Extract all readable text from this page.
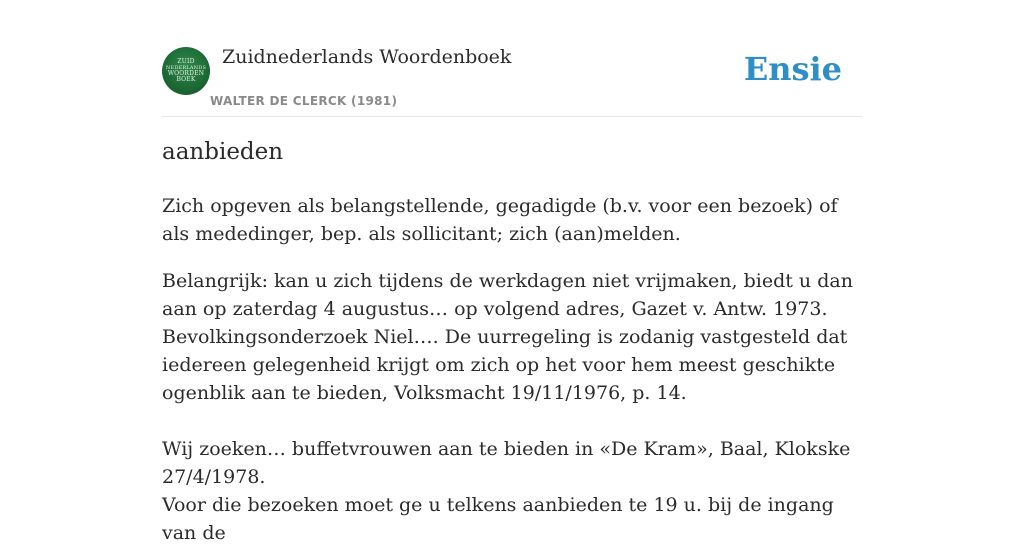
ZUID
NEDERLANDS
WOORDEN
BOEK
Zuidnederlands Woordenboek
WALTER DE CLERCK (1981)
Ensie
aanbieden

Zich opgeven als belangstellende, gegadigde (b.v. voor een bezoek) of als mededinger, bep. als sollicitant; zich (aan)melden.

Belangrijk: kan u zich tijdens de werkdagen niet vrijmaken, biedt u dan aan op zaterdag 4 augustus… op volgend adres, Gazet v. Antw. 1973. Bevolkingsonderzoek Niel…. De uurregeling is zodanig vastgesteld dat iedereen gelegenheid krijgt om zich op het voor hem meest geschikte ogenblik aan te bieden, Volksmacht 19/11/1976, p. 14.

Wij zoeken… buffetvrouwen aan te bieden in «De Kram», Baal, Klokske 27/4/1978.

Voor die bezoeken moet ge u telkens aanbieden te 19 u. bij de ingang van de
